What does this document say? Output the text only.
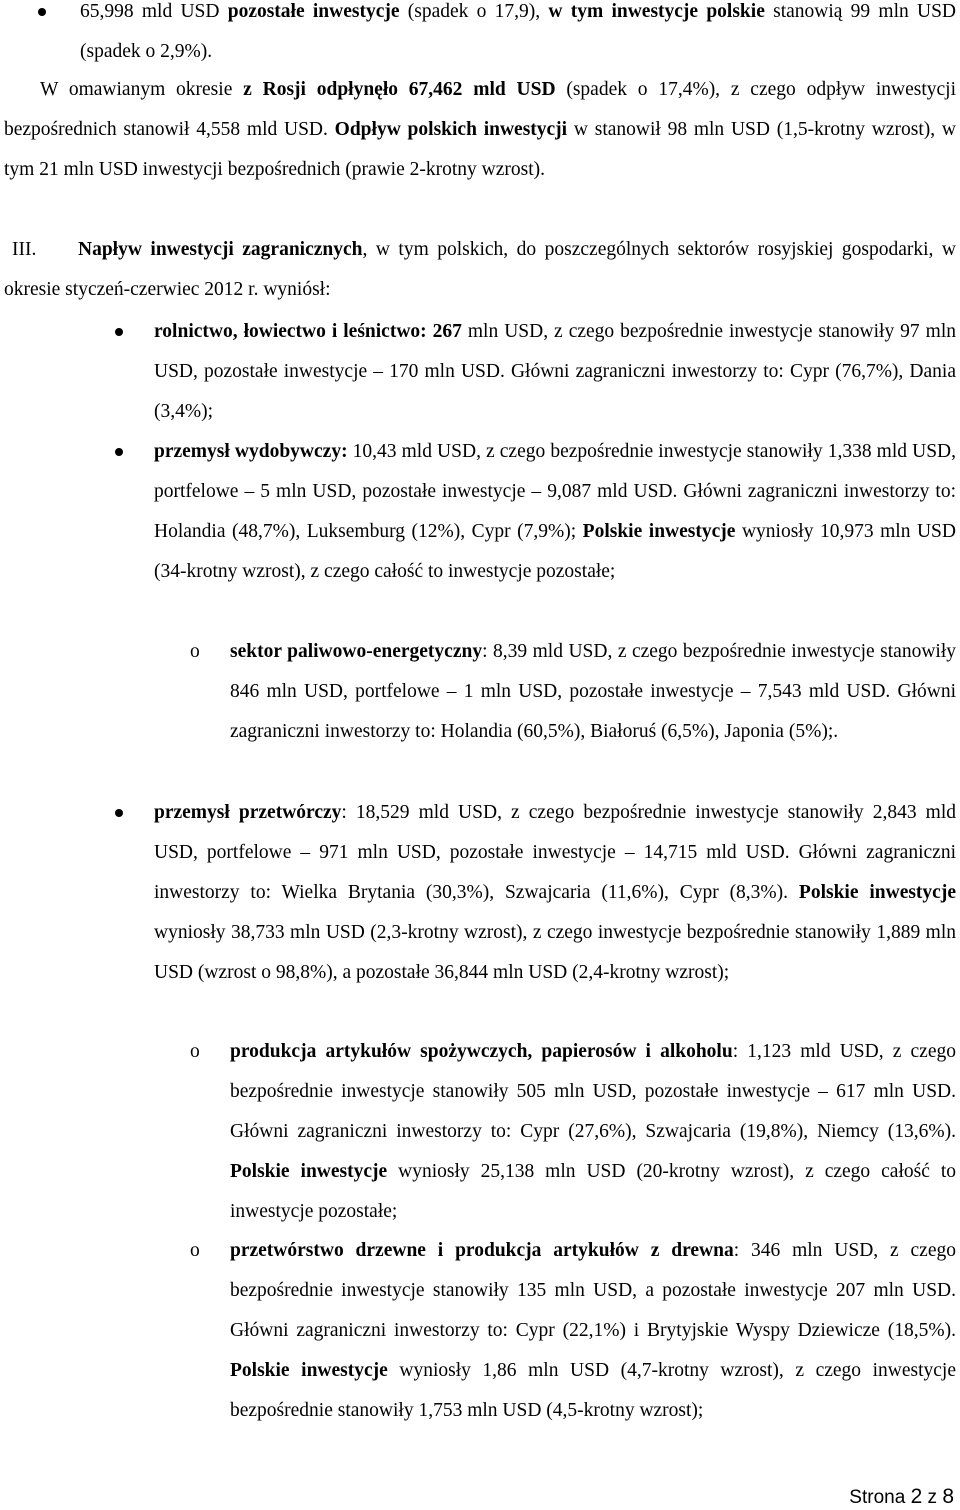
65,998 mld USD pozostałe inwestycje (spadek o 17,9), w tym inwestycje polskie stanowią 99 mln USD (spadek o 2,9%).
W omawianym okresie z Rosji odpłynęło 67,462 mld USD (spadek o 17,4%), z czego odpływ inwestycji bezpośrednich stanowił 4,558 mld USD. Odpływ polskich inwestycji w stanowił 98 mln USD (1,5-krotny wzrost), w tym 21 mln USD inwestycji bezpośrednich (prawie 2-krotny wzrost).
III. Napływ inwestycji zagranicznych, w tym polskich, do poszczególnych sektorów rosyjskiej gospodarki, w okresie styczeń-czerwiec 2012 r. wyniósł:
rolnictwo, łowiectwo i leśnictwo: 267 mln USD, z czego bezpośrednie inwestycje stanowiły 97 mln USD, pozostałe inwestycje – 170 mln USD. Główni zagraniczni inwestorzy to: Cypr (76,7%), Dania (3,4%);
przemysł wydobywczy: 10,43 mld USD, z czego bezpośrednie inwestycje stanowiły 1,338 mld USD, portfelowe – 5 mln USD, pozostałe inwestycje – 9,087 mld USD. Główni zagraniczni inwestorzy to: Holandia (48,7%), Luksemburg (12%), Cypr (7,9%); Polskie inwestycje wyniosły 10,973 mln USD (34-krotny wzrost), z czego całość to inwestycje pozostałe;
o sektor paliwowo-energetyczny: 8,39 mld USD, z czego bezpośrednie inwestycje stanowiły 846 mln USD, portfelowe – 1 mln USD, pozostałe inwestycje – 7,543 mld USD. Główni zagraniczni inwestorzy to: Holandia (60,5%), Białoruś (6,5%), Japonia (5%);.
przemysł przetwórczy: 18,529 mld USD, z czego bezpośrednie inwestycje stanowiły 2,843 mld USD, portfelowe – 971 mln USD, pozostałe inwestycje – 14,715 mld USD. Główni zagraniczni inwestorzy to: Wielka Brytania (30,3%), Szwajcaria (11,6%), Cypr (8,3%). Polskie inwestycje wyniosły 38,733 mln USD (2,3-krotny wzrost), z czego inwestycje bezpośrednie stanowiły 1,889 mln USD (wzrost o 98,8%), a pozostałe 36,844 mln USD (2,4-krotny wzrost);
o produkcja artykułów spożywczych, papierosów i alkoholu: 1,123 mld USD, z czego bezpośrednie inwestycje stanowiły 505 mln USD, pozostałe inwestycje – 617 mln USD. Główni zagraniczni inwestorzy to: Cypr (27,6%), Szwajcaria (19,8%), Niemcy (13,6%). Polskie inwestycje wyniosły 25,138 mln USD (20-krotny wzrost), z czego całość to inwestycje pozostałe;
o przetwórstwo drzewne i produkcja artykułów z drewna: 346 mln USD, z czego bezpośrednie inwestycje stanowiły 135 mln USD, a pozostałe inwestycje 207 mln USD. Główni zagraniczni inwestorzy to: Cypr (22,1%) i Brytyjskie Wyspy Dziewicze (18,5%). Polskie inwestycje wyniosły 1,86 mln USD (4,7-krotny wzrost), z czego inwestycje bezpośrednie stanowiły 1,753 mln USD (4,5-krotny wzrost);
Strona 2 z 8
